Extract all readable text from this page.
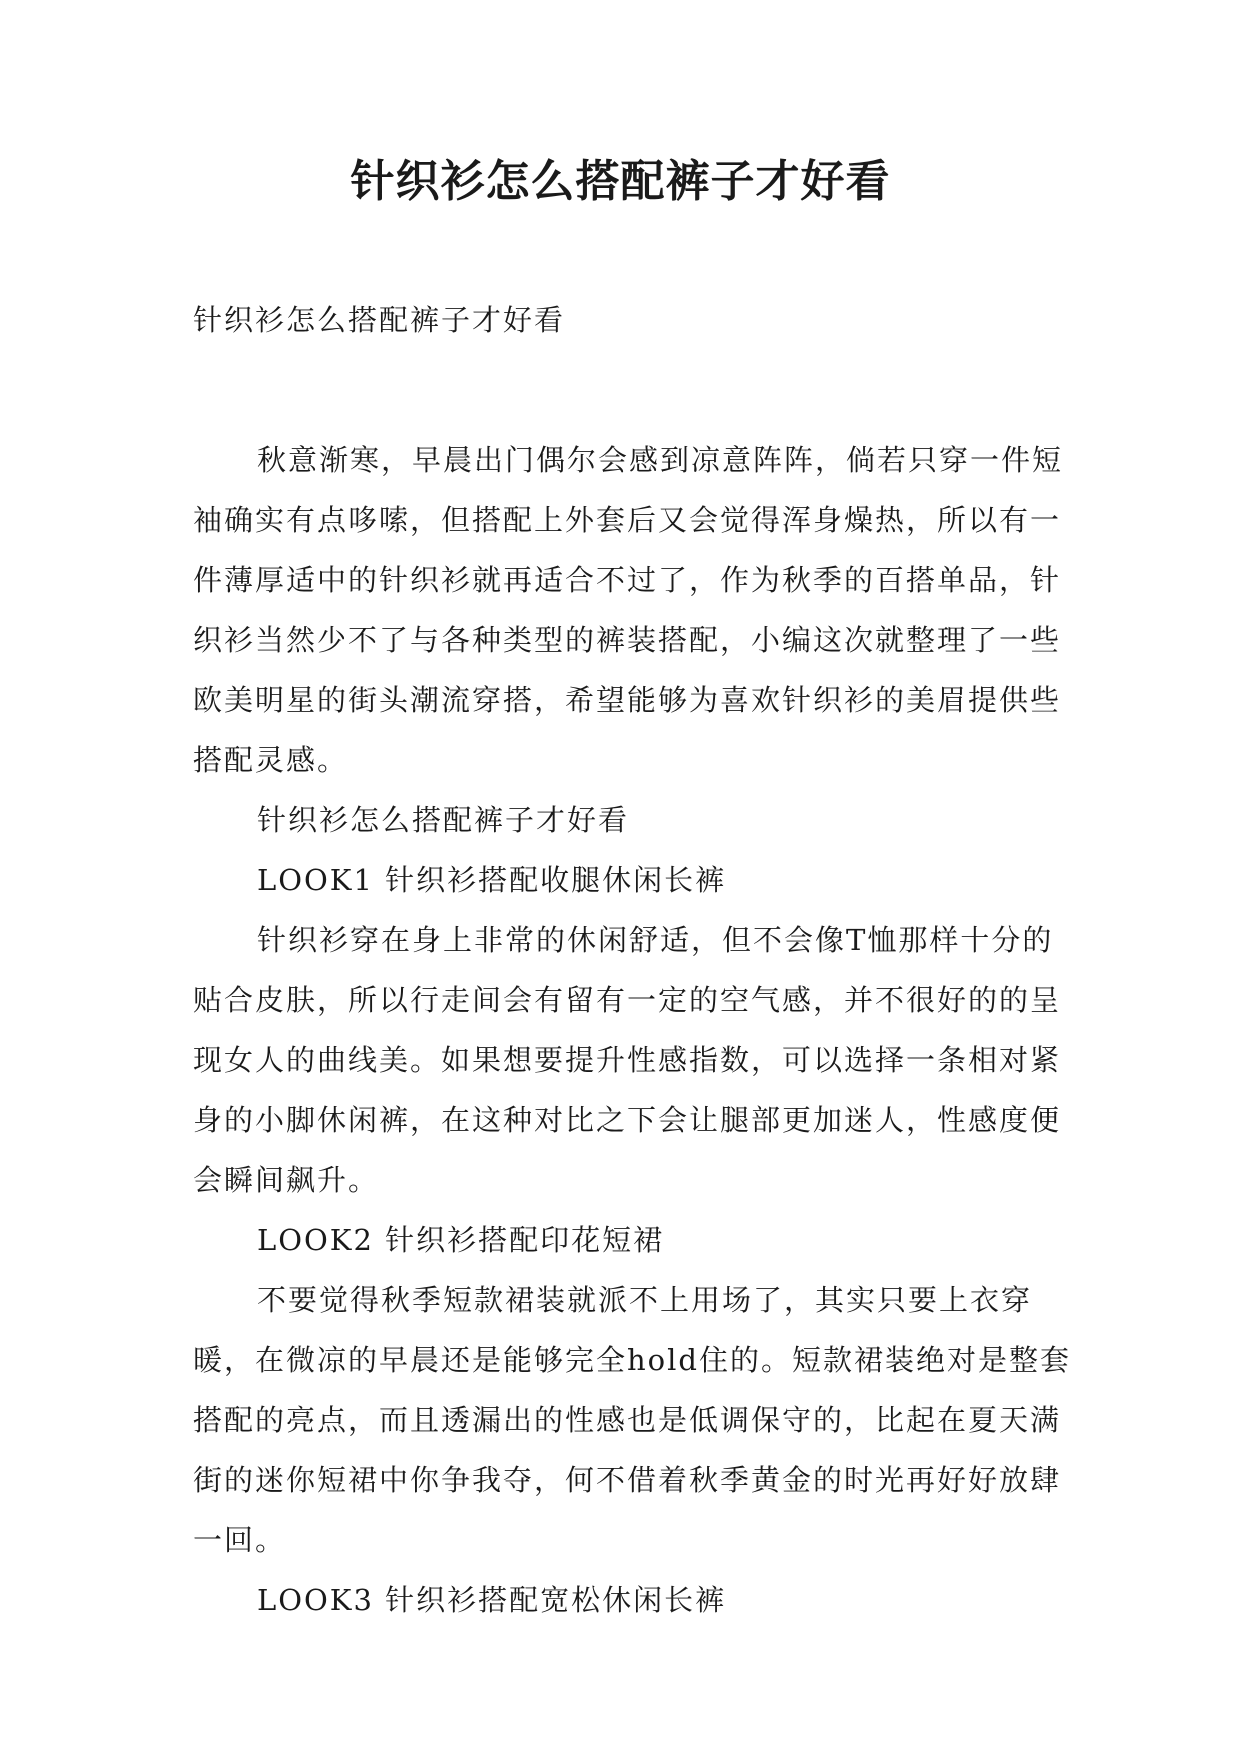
针织衫怎么搭配裤子才好看

针织衫怎么搭配裤子才好看

秋意渐寒，早晨出门偶尔会感到凉意阵阵，倘若只穿一件短袖确实有点哆嗦，但搭配上外套后又会觉得浑身燥热，所以有一件薄厚适中的针织衫就再适合不过了，作为秋季的百搭单品，针织衫当然少不了与各种类型的裤装搭配，小编这次就整理了一些欧美明星的街头潮流穿搭，希望能够为喜欢针织衫的美眉提供些搭配灵感。

针织衫怎么搭配裤子才好看

LOOK1 针织衫搭配收腿休闲长裤

针织衫穿在身上非常的休闲舒适，但不会像T恤那样十分的贴合皮肤，所以行走间会有留有一定的空气感，并不很好的的呈现女人的曲线美。如果想要提升性感指数，可以选择一条相对紧身的小脚休闲裤，在这种对比之下会让腿部更加迷人，性感度便会瞬间飙升。

LOOK2 针织衫搭配印花短裙

不要觉得秋季短款裙装就派不上用场了，其实只要上衣穿暖，在微凉的早晨还是能够完全hold住的。短款裙装绝对是整套搭配的亮点，而且透漏出的性感也是低调保守的，比起在夏天满街的迷你短裙中你争我夺，何不借着秋季黄金的时光再好好放肆一回。

LOOK3 针织衫搭配宽松休闲长裤
